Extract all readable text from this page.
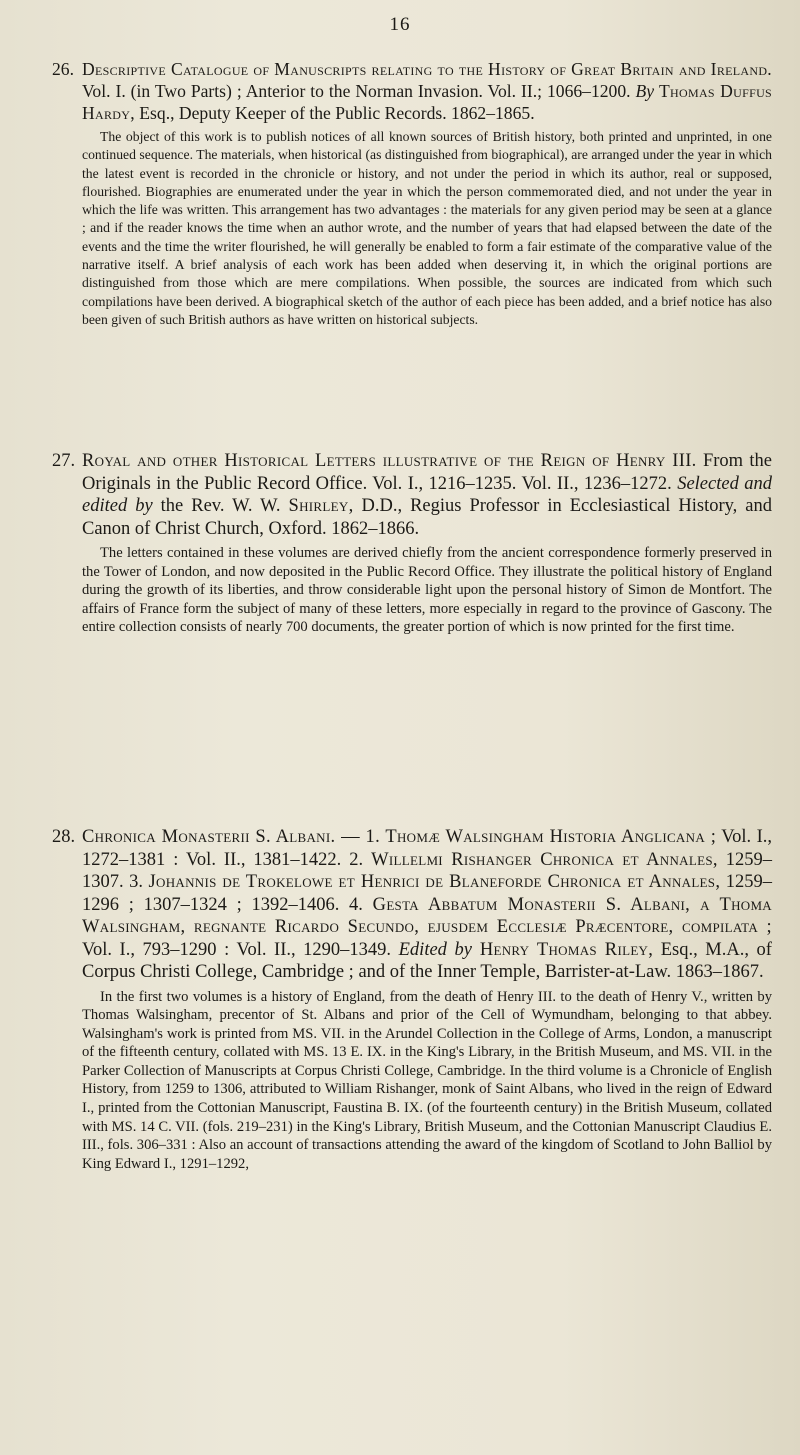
16

26. Descriptive Catalogue of Manuscripts relating to the History of Great Britain and Ireland. Vol. I. (in Two Parts) ; Anterior to the Norman Invasion. Vol. II.; 1066–1200. By Thomas Duffus Hardy, Esq., Deputy Keeper of the Public Records. 1862–1865.

The object of this work is to publish notices of all known sources of British history, both printed and unprinted, in one continued sequence. The materials, when historical (as distinguished from biographical), are arranged under the year in which the latest event is recorded in the chronicle or history, and not under the period in which its author, real or supposed, flourished. Biographies are enumerated under the year in which the person commemorated died, and not under the year in which the life was written. This arrangement has two advantages : the materials for any given period may be seen at a glance ; and if the reader knows the time when an author wrote, and the number of years that had elapsed between the date of the events and the time the writer flourished, he will generally be enabled to form a fair estimate of the comparative value of the narrative itself. A brief analysis of each work has been added when deserving it, in which the original portions are distinguished from those which are mere compilations. When possible, the sources are indicated from which such compilations have been derived. A biographical sketch of the author of each piece has been added, and a brief notice has also been given of such British authors as have written on historical subjects.

27. Royal and other Historical Letters illustrative of the Reign of Henry III. From the Originals in the Public Record Office. Vol. I., 1216–1235. Vol. II., 1236–1272. Selected and edited by the Rev. W. W. Shirley, D.D., Regius Professor in Ecclesiastical History, and Canon of Christ Church, Oxford. 1862–1866.

The letters contained in these volumes are derived chiefly from the ancient correspondence formerly preserved in the Tower of London, and now deposited in the Public Record Office. They illustrate the political history of England during the growth of its liberties, and throw considerable light upon the personal history of Simon de Montfort. The affairs of France form the subject of many of these letters, more especially in regard to the province of Gascony. The entire collection consists of nearly 700 documents, the greater portion of which is now printed for the first time.

28. Chronica Monasterii S. Albani. — 1. Thomæ Walsingham Historia Anglicana ; Vol. I., 1272–1381 : Vol. II., 1381–1422. 2. Willelmi Rishanger Chronica et Annales, 1259–1307. 3. Johannis de Trokelowe et Henrici de Blaneforde Chronica et Annales, 1259–1296 ; 1307–1324 ; 1392–1406. 4. Gesta Abbatum Monasterii S. Albani, a Thoma Walsingham, regnante Ricardo Secundo, ejusdem Ecclesiæ Præcentore, compilata ; Vol. I., 793–1290 : Vol. II., 1290–1349. Edited by Henry Thomas Riley, Esq., M.A., of Corpus Christi College, Cambridge ; and of the Inner Temple, Barrister-at-Law. 1863–1867.

In the first two volumes is a history of England, from the death of Henry III. to the death of Henry V., written by Thomas Walsingham, precentor of St. Albans and prior of the Cell of Wymundham, belonging to that abbey. Walsingham's work is printed from MS. VII. in the Arundel Collection in the College of Arms, London, a manuscript of the fifteenth century, collated with MS. 13 E. IX. in the King's Library, in the British Museum, and MS. VII. in the Parker Collection of Manuscripts at Corpus Christi College, Cambridge. In the third volume is a Chronicle of English History, from 1259 to 1306, attributed to William Rishanger, monk of Saint Albans, who lived in the reign of Edward I., printed from the Cottonian Manuscript, Faustina B. IX. (of the fourteenth century) in the British Museum, collated with MS. 14 C. VII. (fols. 219–231) in the King's Library, British Museum, and the Cottonian Manuscript Claudius E. III., fols. 306–331 : Also an account of transactions attending the award of the kingdom of Scotland to John Balliol by King Edward I., 1291–1292,
